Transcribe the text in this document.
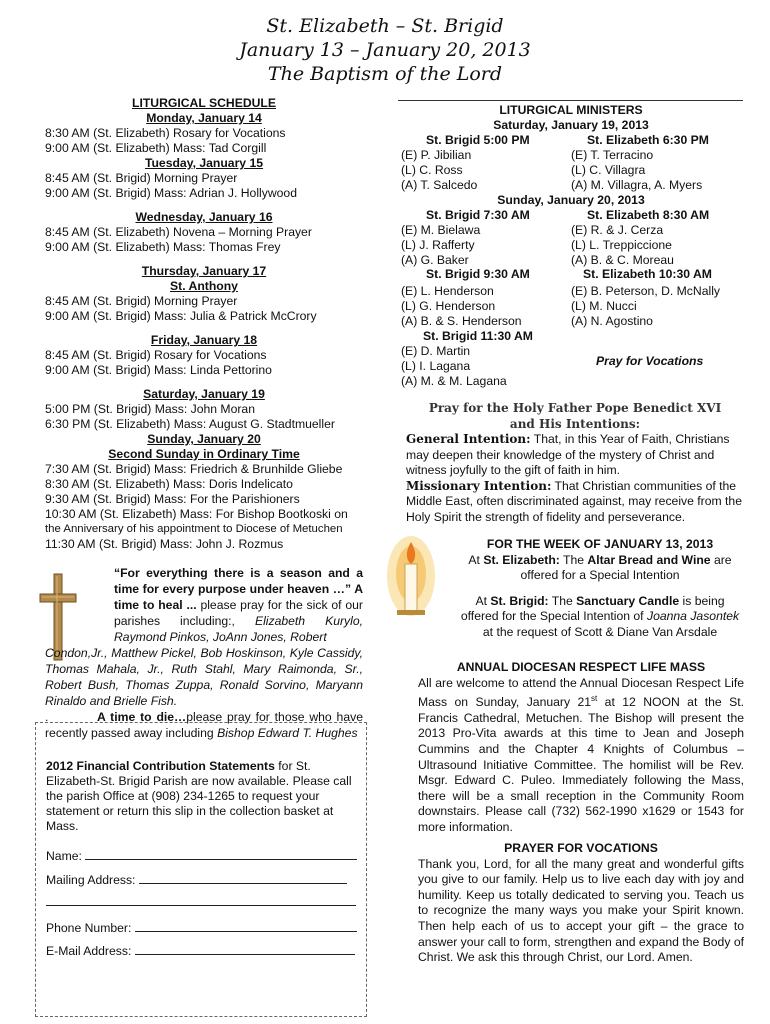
St. Elizabeth – St. Brigid
January 13 – January 20, 2013
The Baptism of the Lord

LITURGICAL SCHEDULE

Monday, January 14

8:30 AM (St. Elizabeth) Rosary for Vocations

9:00 AM (St. Elizabeth) Mass: Tad Corgill

Tuesday, January 15

8:45 AM (St. Brigid) Morning Prayer

9:00 AM (St. Brigid) Mass: Adrian J. Hollywood

Wednesday, January 16

8:45 AM (St. Elizabeth) Novena – Morning Prayer

9:00 AM (St. Elizabeth) Mass: Thomas Frey

Thursday, January 17

St. Anthony

8:45 AM (St. Brigid) Morning Prayer

9:00 AM (St. Brigid) Mass: Julia & Patrick McCrory

Friday, January 18

8:45 AM (St. Brigid) Rosary for Vocations

9:00 AM (St. Brigid) Mass: Linda Pettorino

Saturday, January 19

5:00 PM (St. Brigid) Mass: John Moran

6:30 PM (St. Elizabeth) Mass: August G. Stadtmueller

Sunday, January 20

Second Sunday in Ordinary Time

7:30 AM (St. Brigid) Mass: Friedrich & Brunhilde Gliebe

8:30 AM (St. Elizabeth) Mass: Doris Indelicato

9:30 AM (St. Brigid) Mass: For the Parishioners

10:30 AM (St. Elizabeth) Mass: For Bishop Bootkoski on

the Anniversary of his appointment to Diocese of Metuchen

11:30 AM (St. Brigid) Mass: John J. Rozmus

“For everything there is a season and a time for every purpose under heaven …” A time to heal ... please pray for the sick of our parishes including:, Elizabeth Kurylo, Raymond Pinkos, JoAnn Jones, Robert
Condon,Jr., Matthew Pickel, Bob Hoskinson, Kyle Cassidy, Thomas Mahala, Jr., Ruth Stahl, Mary Raimonda, Sr., Robert Bush, Thomas Zuppa, Ronald Sorvino, Maryann Rinaldo and Brielle Fish.
.	A time to die…please pray for those who have recently passed away including Bishop Edward T. Hughes
2012 Financial Contribution Statements for St. Elizabeth-St. Brigid Parish are now available. Please call the parish Office at (908) 234-1265 to request your statement or return this slip in the collection basket at Mass.
Name:
Mailing Address:
Phone Number:
E-Mail Address:
LITURGICAL MINISTERS
Saturday, January 19, 2013
St. Brigid 5:00 PM
(E) P. Jibilian
(L) C. Ross
(A) T. Salcedo
St. Elizabeth 6:30 PM
(E) T. Terracino
(L) C. Villagra
(A) M. Villagra, A. Myers
Sunday, January 20, 2013
St. Brigid 7:30 AM
(E) M. Bielawa
(L) J. Rafferty
(A) G. Baker
St. Elizabeth 8:30 AM
(E) R. & J. Cerza
(L) L. Treppiccione
(A) B. & C. Moreau
St. Brigid 9:30 AM
(E) L. Henderson
(L) G. Henderson
(A) B. & S. Henderson
St. Elizabeth 10:30 AM
(E) B. Peterson, D. McNally
(L) M. Nucci
(A) N. Agostino
St. Brigid 11:30 AM
(E) D. Martin
(L) I. Lagana
(A) M. & M. Lagana
Pray for Vocations
Pray for the Holy Father Pope Benedict XVI
and His Intentions:
General Intention: That, in this Year of Faith, Christians may deepen their knowledge of the mystery of Christ and witness joyfully to the gift of faith in him.
Missionary Intention: That Christian communities of the Middle East, often discriminated against, may receive from the Holy Spirit the strength of fidelity and perseverance.
FOR THE WEEK OF JANUARY 13, 2013
At St. Elizabeth: The Altar Bread and Wine are offered for a Special Intention
At St. Brigid: The Sanctuary Candle is being offered for the Special Intention of Joanna Jasontek at the request of Scott & Diane Van Arsdale
ANNUAL DIOCESAN RESPECT LIFE MASS
All are welcome to attend the Annual Diocesan Respect Life Mass on Sunday, January 21st at 12 NOON at the St. Francis Cathedral, Metuchen. The Bishop will present the 2013 Pro-Vita awards at this time to Jean and Joseph Cummins and the Chapter 4 Knights of Columbus – Ultrasound Initiative Committee. The homilist will be Rev. Msgr. Edward C. Puleo. Immediately following the Mass, there will be a small reception in the Community Room downstairs. Please call (732) 562-1990 x1629 or 1543 for more information.
PRAYER FOR VOCATIONS
Thank you, Lord, for all the many great and wonderful gifts you give to our family. Help us to live each day with joy and humility. Keep us totally dedicated to serving you. Teach us to recognize the many ways you make your Spirit known. Then help each of us to accept your gift – the grace to answer your call to form, strengthen and expand the Body of Christ. We ask this through Christ, our Lord. Amen.
